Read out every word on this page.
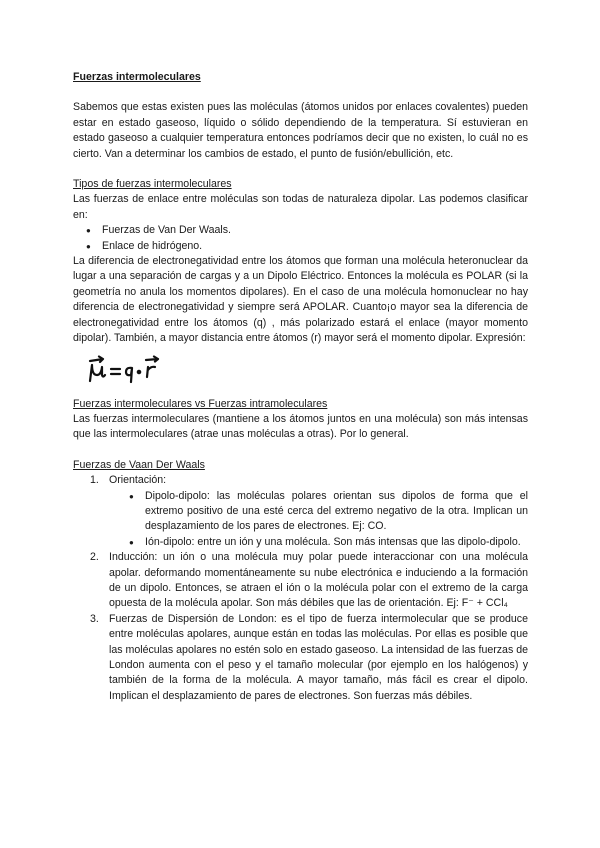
Fuerzas intermoleculares

Sabemos que estas existen pues las moléculas (átomos unidos por enlaces covalentes) pueden estar en estado gaseoso, líquido o sólido dependiendo de la temperatura. Sí estuvieran en estado gaseoso a cualquier temperatura entonces podríamos decir que no existen, lo cuál no es cierto. Van a determinar los cambios de estado, el punto de fusión/ebullición, etc.

Tipos de fuerzas intermoleculares

Las fuerzas de enlace entre moléculas son todas de naturaleza dipolar. Las podemos clasificar en:

● Fuerzas de Van Der Waals.
● Enlace de hidrógeno.

La diferencia de electronegatividad entre los átomos que forman una molécula heteronuclear da lugar a una separación de cargas y a un Dipolo Eléctrico. Entonces la molécula es POLAR (si la geometría no anula los momentos dipolares). En el caso de una molécula homonuclear no hay diferencia de electronegatividad y siempre será APOLAR. Cuanto¡o mayor sea la diferencia de electronegatividad entre los átomos (q) , más polarizado estará el enlace (mayor momento dipolar). También, a mayor distancia entre átomos (r) mayor será el momento dipolar. Expresión:

Fuerzas intermoleculares vs Fuerzas intramoleculares

Las fuerzas intermoleculares (mantiene a los átomos juntos en una molécula) son más intensas que las intermoleculares (atrae unas moléculas a otras). Por lo general.

Fuerzas de Vaan Der Waals
1. Orientación:
● Dipolo-dipolo: las moléculas polares orientan sus dipolos de forma que el extremo positivo de una esté cerca del extremo negativo de la otra. Implican un desplazamiento de los pares de electrones. Ej: CO.
● Ión-dipolo: entre un ión y una molécula. Son más intensas que las dipolo-dipolo.
2. Inducción: un ión o una molécula muy polar puede interaccionar con una molécula apolar. deformando momentáneamente su nube electrónica e induciendo a la formación de un dipolo. Entonces, se atraen el ión o la molécula polar con el extremo de la carga opuesta de la molécula apolar. Son más débiles que las de orientación. Ej: F⁻ + CCl₄
3. Fuerzas de Dispersión de London: es el tipo de fuerza intermolecular que se produce entre moléculas apolares, aunque están en todas las moléculas. Por ellas es posible que las moléculas apolares no estén solo en estado gaseoso. La intensidad de las fuerzas de London aumenta con el peso y el tamaño molecular (por ejemplo en los halógenos) y también de la forma de la molécula. A mayor tamaño, más fácil es crear el dipolo. Implican el desplazamiento de pares de electrones. Son fuerzas más débiles.
